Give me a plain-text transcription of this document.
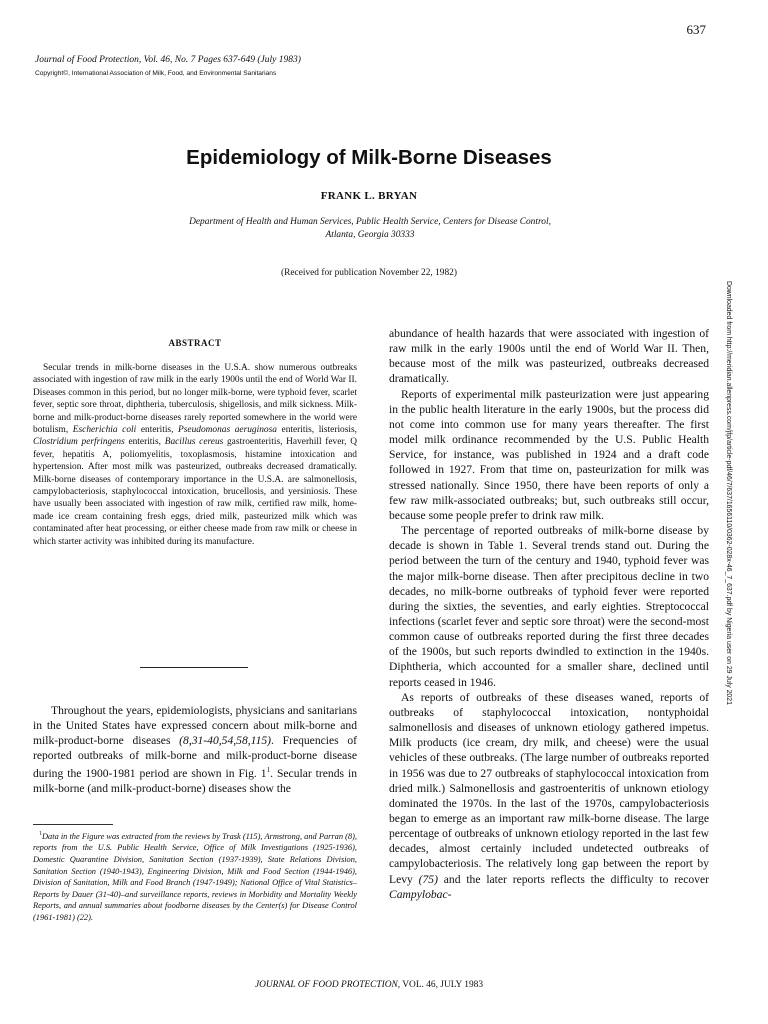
637
Journal of Food Protection, Vol. 46, No. 7 Pages 637-649 (July 1983)
Copyright©, International Association of Milk, Food, and Environmental Sanitarians
Epidemiology of Milk-Borne Diseases
FRANK L. BRYAN
Department of Health and Human Services, Public Health Service, Centers for Disease Control, Atlanta, Georgia 30333
(Received for publication November 22, 1982)
Downloaded from http://meridian.allenpress.com/jfp/article-pdf/46/7/637/1656110/0362-028x-46_7_637.pdf by Nigeria user on 29 July 2021
ABSTRACT

Secular trends in milk-borne diseases in the U.S.A. show numerous outbreaks associated with ingestion of raw milk in the early 1900s until the end of World War II. Diseases common in this period, but no longer milk-borne, were typhoid fever, scarlet fever, septic sore throat, diphtheria, tuberculosis, shigellosis, and milk sickness. Milk-borne and milk-product-borne diseases rarely reported somewhere in the world were botulism, Escherichia coli enteritis, Pseudomonas aeruginosa enteritis, listeriosis, Clostridium perfringens enteritis, Bacillus cereus gastroenteritis, Haverhill fever, Q fever, hepatitis A, poliomyelitis, toxoplasmosis, histamine intoxication and hypertension. After most milk was pasteurized, outbreaks decreased dramatically. Milk-borne diseases of contemporary importance in the U.S.A. are salmonellosis, campylobacteriosis, staphylococcal intoxication, brucellosis, and yersiniosis. These have usually been associated with ingestion of raw milk, certified raw milk, home-made ice cream containing fresh eggs, dried milk, pasteurized milk which was contaminated after heat processing, or either cheese made from raw milk or cheese in which starter activity was inhibited during its manufacture.

Throughout the years, epidemiologists, physicians and sanitarians in the United States have expressed concern about milk-borne and milk-product-borne diseases (8,31-40,54,58,115). Frequencies of reported outbreaks of milk-borne and milk-product-borne disease during the 1900-1981 period are shown in Fig. $1^1$. Secular trends in milk-borne (and milk-product-borne) diseases show the

$^1$Data in the Figure was extracted from the reviews by Trask (115), Armstrong, and Parran (8), reports from the U.S. Public Health Service, Office of Milk Investigations (1925-1936), Domestic Quarantine Division, Sanitation Section (1937-1939), State Relations Division, Sanitation Section (1940-1943), Engineering Division, Milk and Food Section (1944-1946), Division of Sanitation, Milk and Food Branch (1947-1949); National Office of Vital Statistics–Reports by Dauer (31-40)–and surveillance reports, reviews in Morbidity and Mortality Weekly Reports, and annual summaries about foodborne diseases by the Center(s) for Disease Control (1961-1981) (22).

abundance of health hazards that were associated with ingestion of raw milk in the early 1900s until the end of World War II. Then, because most of the milk was pasteurized, outbreaks decreased dramatically.

Reports of experimental milk pasteurization were just appearing in the public health literature in the early 1900s, but the process did not come into common use for many years thereafter. The first model milk ordinance recommended by the U.S. Public Health Service, for instance, was published in 1924 and a draft code followed in 1927. From that time on, pasteurization for milk was stressed nationally. Since 1950, there have been reports of only a few raw milk-associated outbreaks; but, such outbreaks still occur, because some people prefer to drink raw milk.

The percentage of reported outbreaks of milk-borne disease by decade is shown in Table 1. Several trends stand out. During the period between the turn of the century and 1940, typhoid fever was the major milk-borne disease. Then after precipitous decline in two decades, no milk-borne outbreaks of typhoid fever were reported during the sixties, the seventies, and early eighties. Streptococcal infections (scarlet fever and septic sore throat) were the second-most common cause of outbreaks reported during the first three decades of the 1900s, but such reports dwindled to extinction in the 1940s. Diphtheria, which accounted for a smaller share, declined until reports ceased in 1946.

As reports of outbreaks of these diseases waned, reports of outbreaks of staphylococcal intoxication, nontyphoidal salmonellosis and diseases of unknown etiology gathered impetus. Milk products (ice cream, dry milk, and cheese) were the usual vehicles of these outbreaks. (The large number of outbreaks reported in 1956 was due to 27 outbreaks of staphylococcal intoxication from dried milk.) Salmonellosis and gastroenteritis of unknown etiology dominated the 1970s. In the last of the 1970s, campylobacteriosis began to emerge as an important raw milk-borne disease. The large percentage of outbreaks of unknown etiology reported in the last few decades, almost certainly included undetected outbreaks of campylobacteriosis. The relatively long gap between the report by Levy (75) and the later reports reflects the difficulty to recover Campylobac-

JOURNAL OF FOOD PROTECTION, VOL. 46, JULY 1983
